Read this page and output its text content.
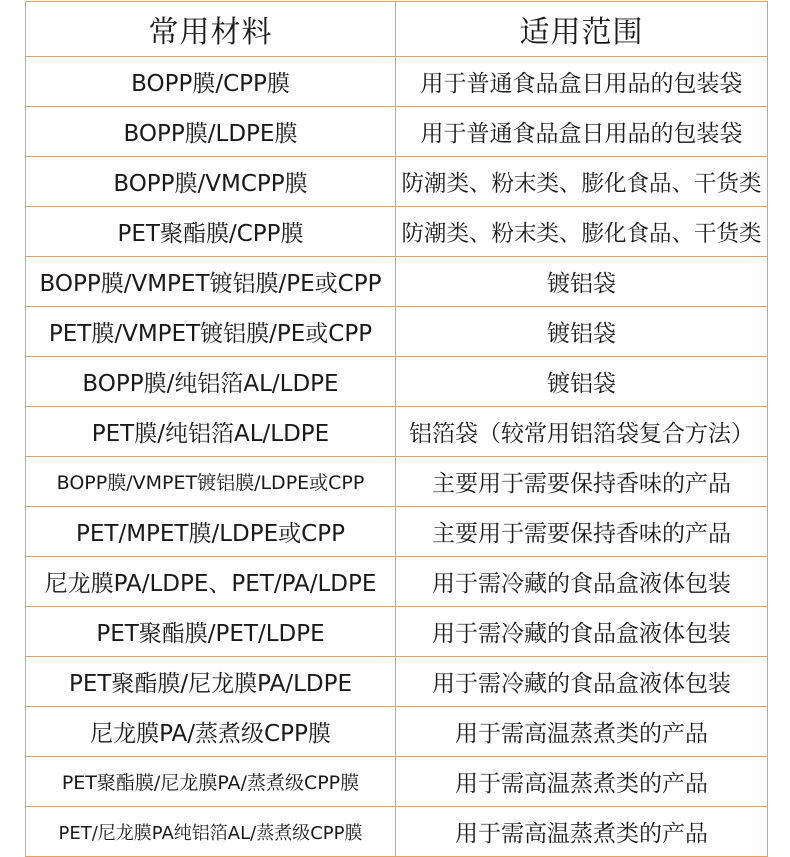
常用材料	适用范围
BOPP膜/CPP膜	用于普通食品盒日用品的包装袋
BOPP膜/LDPE膜	用于普通食品盒日用品的包装袋
BOPP膜/VMCPP膜	防潮类、粉末类、膨化食品、干货类
PET聚酯膜/CPP膜	防潮类、粉末类、膨化食品、干货类
BOPP膜/VMPET镀铝膜/PE或CPP	镀铝袋
PET膜/VMPET镀铝膜/PE或CPP	镀铝袋
BOPP膜/纯铝箔AL/LDPE	镀铝袋
PET膜/纯铝箔AL/LDPE	铝箔袋（较常用铝箔袋复合方法）
BOPP膜/VMPET镀铝膜/LDPE或CPP	主要用于需要保持香味的产品
PET/MPET膜/LDPE或CPP	主要用于需要保持香味的产品
尼龙膜PA/LDPE、PET/PA/LDPE	用于需冷藏的食品盒液体包装
PET聚酯膜/PET/LDPE	用于需冷藏的食品盒液体包装
PET聚酯膜/尼龙膜PA/LDPE	用于需冷藏的食品盒液体包装
尼龙膜PA/蒸煮级CPP膜	用于需高温蒸煮类的产品
PET聚酯膜/尼龙膜PA/蒸煮级CPP膜	用于需高温蒸煮类的产品
PET/尼龙膜PA纯铝箔AL/蒸煮级CPP膜	用于需高温蒸煮类的产品
